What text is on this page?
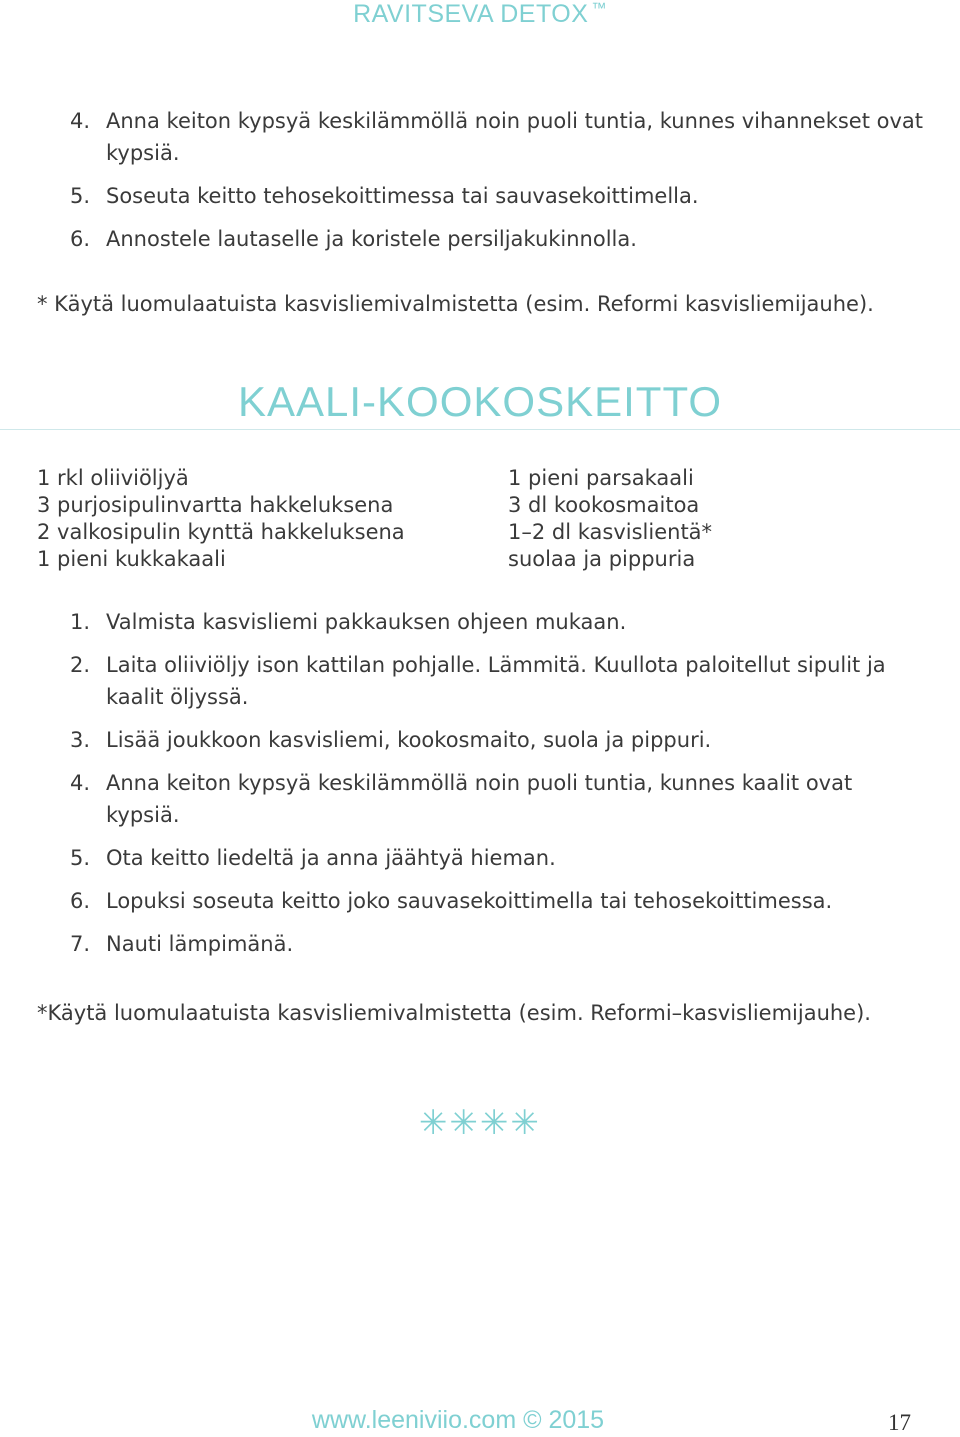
RAVITSEVA DETOX ™
4. Anna keiton kypsyä keskilämmöllä noin puoli tuntia, kunnes vihannekset ovat kypsiä.
5. Soseuta keitto tehosekoittimessa tai sauvasekoittimella.
6. Annostele lautaselle ja koristele persiljakukinnolla.
* Käytä luomulaatuista kasvisliemivalmistetta (esim. Reformi kasvisliemijauhe).
KAALI-KOOKOSKEITTO
1 rkl oliiviöljyä
3 purjosipulinvartta hakkeluksena
2 valkosipulin kynttä hakkeluksena
1 pieni kukkakaali
1 pieni parsakaali
3 dl kookosmaitoa
1–2 dl kasvislientä*
suolaa ja pippuria
1. Valmista kasvisliemi pakkauksen ohjeen mukaan.
2. Laita oliiviöljy ison kattilan pohjalle. Lämmitä. Kuullota paloitellut sipulit ja kaalit öljyssä.
3. Lisää joukkoon kasvisliemi, kookosmaito, suola ja pippuri.
4. Anna keiton kypsyä keskilämmöllä noin puoli tuntia, kunnes kaalit ovat kypsiä.
5. Ota keitto liedeltä ja anna jäähtyä hieman.
6. Lopuksi soseuta keitto joko sauvasekoittimella tai tehosekoittimessa.
7. Nauti lämpimänä.
*Käytä luomulaatuista kasvisliemivalmistetta (esim. Reformi–kasvisliemijauhe).
✳✳✳✳
www.leeniviio.com © 2015	17
